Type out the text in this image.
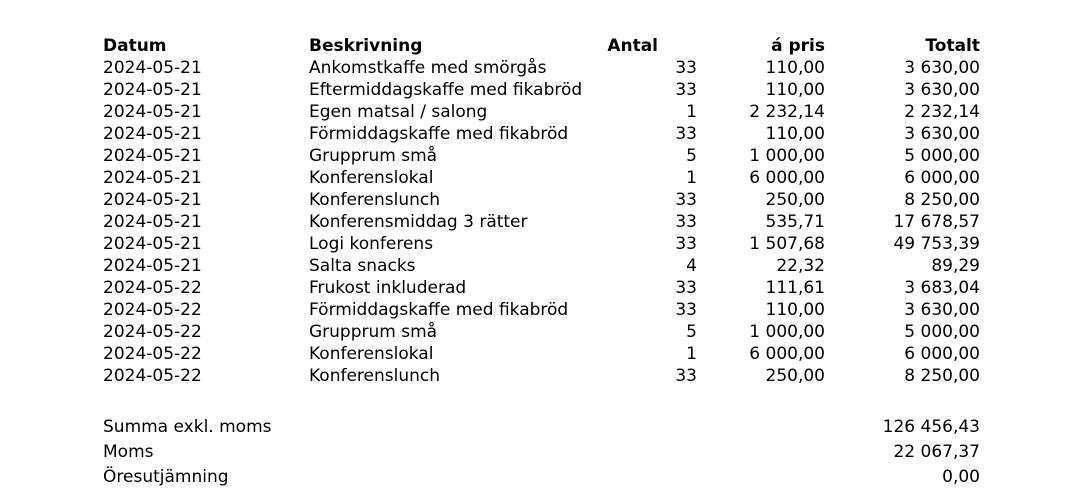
Datum	Beskrivning	Antal	á pris	Totalt
2024-05-21	Ankomstkaffe med smörgås	33	110,00	3 630,00
2024-05-21	Eftermiddagskaffe med fikabröd	33	110,00	3 630,00
2024-05-21	Egen matsal / salong	1	2 232,14	2 232,14
2024-05-21	Förmiddagskaffe med fikabröd	33	110,00	3 630,00
2024-05-21	Grupprum små	5	1 000,00	5 000,00
2024-05-21	Konferenslokal	1	6 000,00	6 000,00
2024-05-21	Konferenslunch	33	250,00	8 250,00
2024-05-21	Konferensmiddag 3 rätter	33	535,71	17 678,57
2024-05-21	Logi konferens	33	1 507,68	49 753,39
2024-05-21	Salta snacks	4	22,32	89,29
2024-05-22	Frukost inkluderad	33	111,61	3 683,04
2024-05-22	Förmiddagskaffe med fikabröd	33	110,00	3 630,00
2024-05-22	Grupprum små	5	1 000,00	5 000,00
2024-05-22	Konferenslokal	1	6 000,00	6 000,00
2024-05-22	Konferenslunch	33	250,00	8 250,00
Summa exkl. moms	126 456,43
Moms	22 067,37
Öresutjämning	0,00
